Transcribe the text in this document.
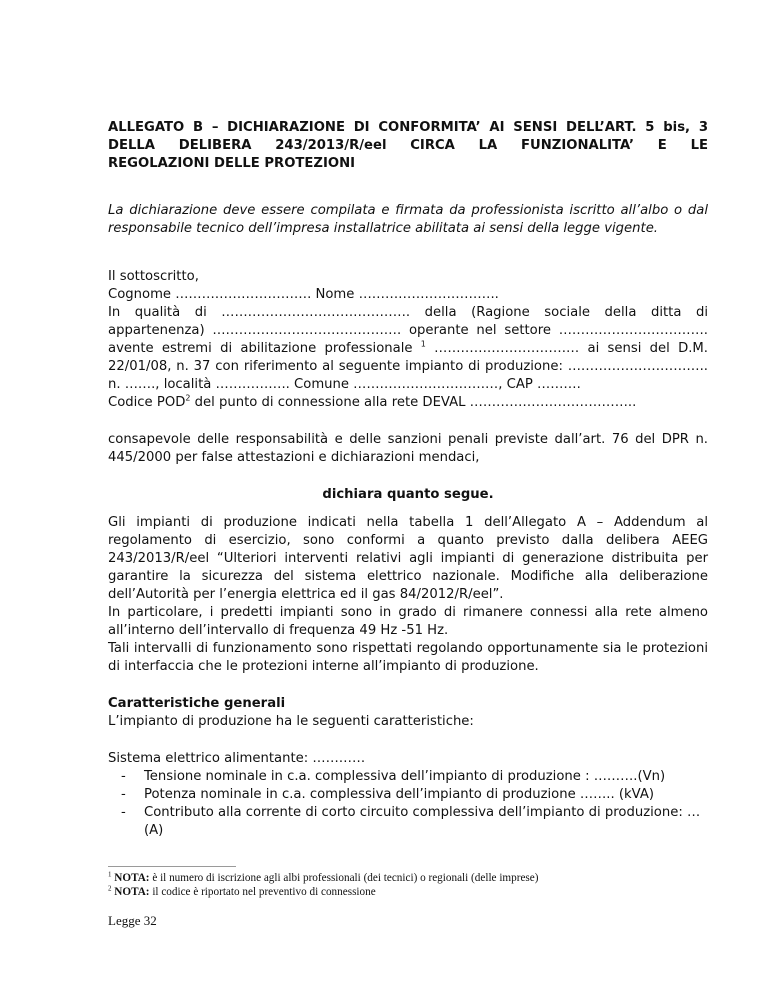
ALLEGATO B – DICHIARAZIONE DI CONFORMITA’ AI SENSI DELL’ART. 5 bis, 3
DELLA DELIBERA 243/2013/R/eel CIRCA LA FUNZIONALITA’ E LE
REGOLAZIONI DELLE PROTEZIONI
La dichiarazione deve essere compilata e firmata da professionista iscritto all’albo o dal responsabile tecnico dell’impresa installatrice abilitata ai sensi della legge vigente.
Il sottoscritto,
Cognome …………………………. Nome …………………………..
In qualità di ……………………………………. della (Ragione sociale della ditta di appartenenza) ……………………………………. operante nel settore ……………………………. avente estremi di abilitazione professionale $^1$ …………………………… ai sensi del D.M. 22/01/08, n. 37 con riferimento al seguente impianto di produzione: ………………………….. n. ……., località …………….. Comune ……………………………, CAP ……….
Codice POD$^2$ del punto di connessione alla rete DEVAL ………………………………..
consapevole delle responsabilità e delle sanzioni penali previste dall’art. 76 del DPR n. 445/2000 per false attestazioni e dichiarazioni mendaci,
dichiara quanto segue.
Gli impianti di produzione indicati nella tabella 1 dell’Allegato A – Addendum al regolamento di esercizio, sono conformi a quanto previsto dalla delibera AEEG 243/2013/R/eel “Ulteriori interventi relativi agli impianti di generazione distribuita per garantire la sicurezza del sistema elettrico nazionale. Modifiche alla deliberazione dell’Autorità per l’energia elettrica ed il gas 84/2012/R/eel”.
In particolare, i predetti impianti sono in grado di rimanere connessi alla rete almeno all’interno dell’intervallo di frequenza 49 Hz -51 Hz.
Tali intervalli di funzionamento sono rispettati regolando opportunamente sia le protezioni di interfaccia che le protezioni interne all’impianto di produzione.
Caratteristiche generali
L’impianto di produzione ha le seguenti caratteristiche:
Sistema elettrico alimentante: …………
- Tensione nominale in c.a. complessiva dell’impianto di produzione : ……….(Vn)
- Potenza nominale in c.a. complessiva dell’impianto di produzione …….. (kVA)
- Contributo alla corrente di corto circuito complessiva dell’impianto di produzione: … (A)
$^1$ NOTA: è il numero di iscrizione agli albi professionali (dei tecnici) o regionali (delle imprese)
$^2$ NOTA: il codice è riportato nel preventivo di connessione
Legge 32
